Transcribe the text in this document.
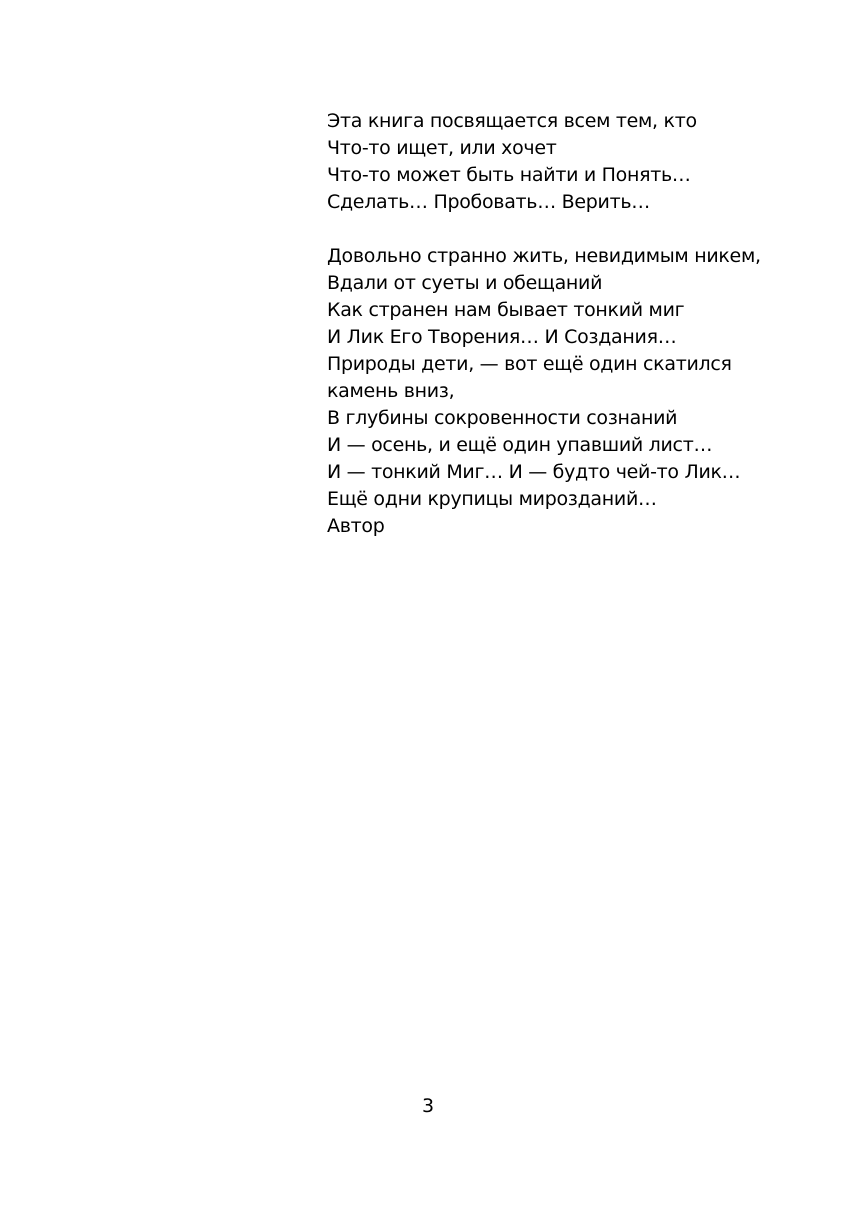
Эта книга посвящается всем тем, кто
Что-то ищет, или хочет
Что-то может быть найти и Понять…
Сделать… Пробовать… Верить…
Довольно странно жить, невидимым никем,
Вдали от суеты и обещаний
Как странен нам бывает тонкий миг
И Лик Его Творения… И Создания…
Природы дети, — вот ещё один скатился
камень вниз,
В глубины сокровенности сознаний
И — осень, и ещё один упавший лист…
И — тонкий Миг… И — будто чей-то Лик…
Ещё одни крупицы мирозданий…
Автор
3
